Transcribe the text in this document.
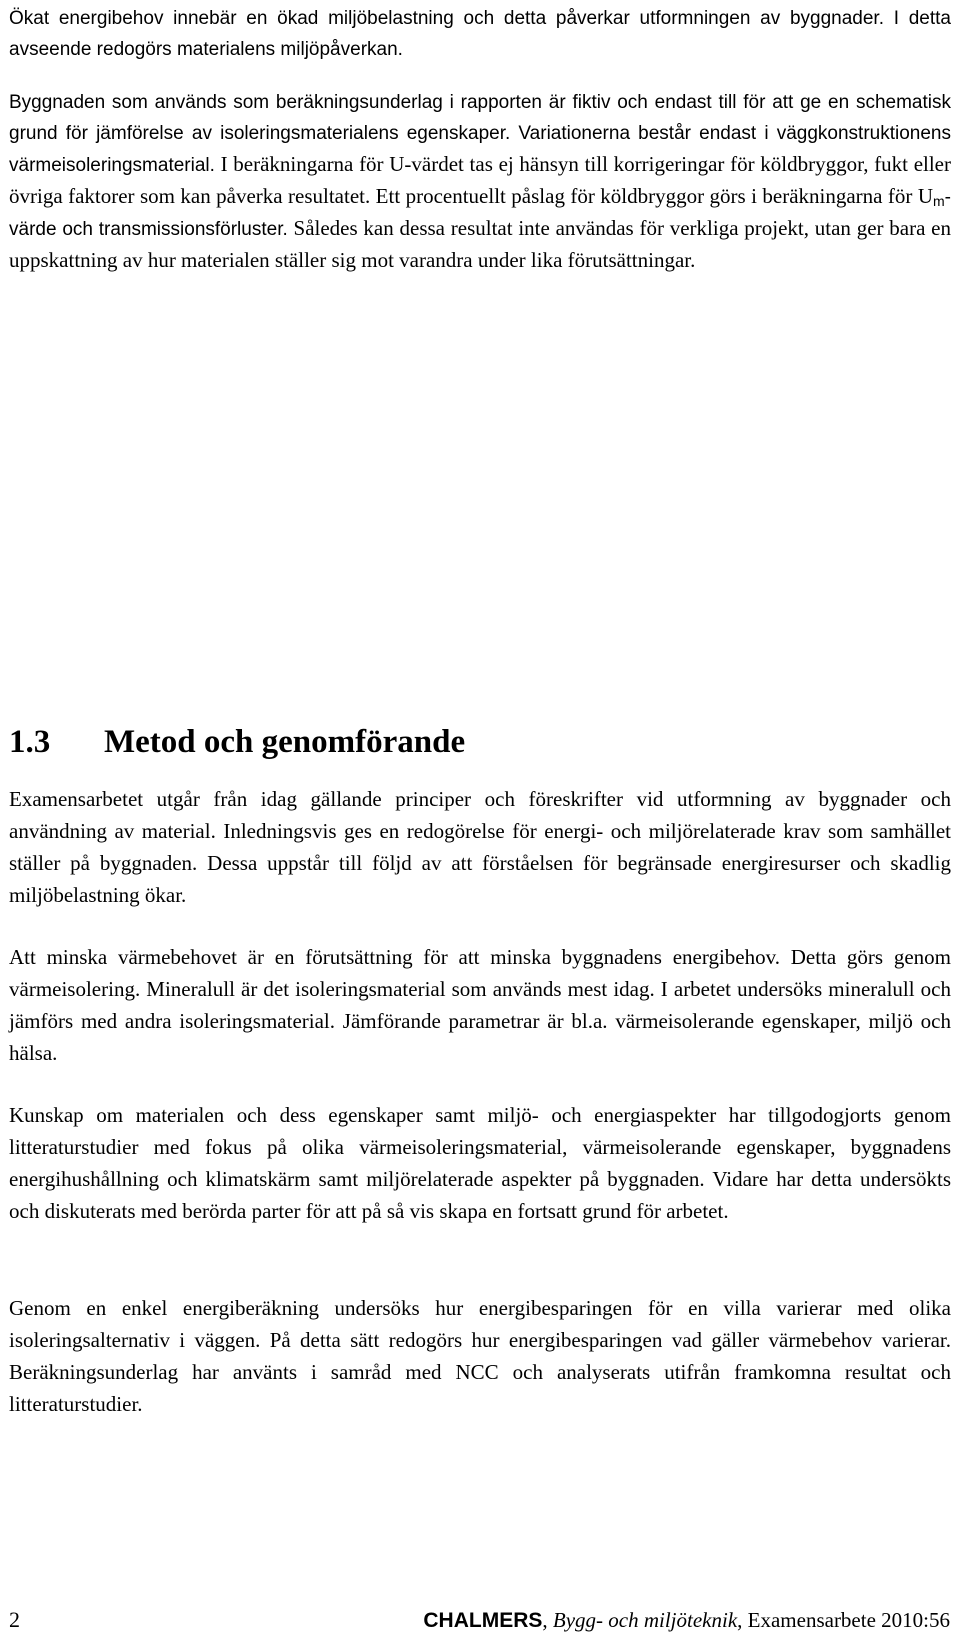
Ökat energibehov innebär en ökad miljöbelastning och detta påverkar utformningen av byggnader. I detta avseende redogörs materialens miljöpåverkan.

Byggnaden som används som beräkningsunderlag i rapporten är fiktiv och endast till för att ge en schematisk grund för jämförelse av isoleringsmaterialens egenskaper. Variationerna består endast i väggkonstruktionens värmeisoleringsmaterial. I beräkningarna för U-värdet tas ej hänsyn till korrigeringar för köldbryggor, fukt eller övriga faktorer som kan påverka resultatet. Ett procentuellt påslag för köldbryggor görs i beräkningarna för $U_m$-värde och transmissionsförluster. Således kan dessa resultat inte användas för verkliga projekt, utan ger bara en uppskattning av hur materialen ställer sig mot varandra under lika förutsättningar.

1.3 Metod och genomförande

Examensarbetet utgår från idag gällande principer och föreskrifter vid utformning av byggnader och användning av material. Inledningsvis ges en redogörelse för energi- och miljörelaterade krav som samhället ställer på byggnaden. Dessa uppstår till följd av att förståelsen för begränsade energiresurser och skadlig miljöbelastning ökar.

Att minska värmebehovet är en förutsättning för att minska byggnadens energibehov. Detta görs genom värmeisolering. Mineralull är det isoleringsmaterial som används mest idag. I arbetet undersöks mineralull och jämförs med andra isoleringsmaterial. Jämförande parametrar är bl.a. värmeisolerande egenskaper, miljö och hälsa.

Kunskap om materialen och dess egenskaper samt miljö- och energiaspekter har tillgodogjorts genom litteraturstudier med fokus på olika värmeisoleringsmaterial, värmeisolerande egenskaper, byggnadens energihushållning och klimatskärm samt miljörelaterade aspekter på byggnaden. Vidare har detta undersökts och diskuterats med berörda parter för att på så vis skapa en fortsatt grund för arbetet.

Genom en enkel energiberäkning undersöks hur energibesparingen för en villa varierar med olika isoleringsalternativ i väggen. På detta sätt redogörs hur energibesparingen vad gäller värmebehov varierar. Beräkningsunderlag har använts i samråd med NCC och analyserats utifrån framkomna resultat och litteraturstudier.

2	CHALMERS, Bygg- och miljöteknik, Examensarbete 2010:56
